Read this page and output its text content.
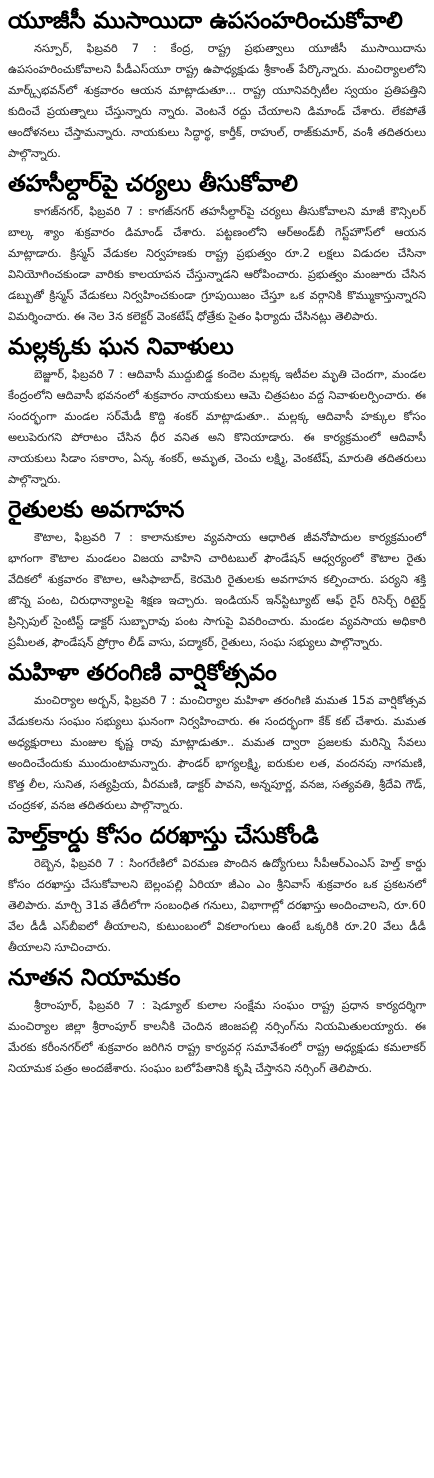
యూజీసీ ముసాయిదా ఉపసంహరించుకోవాలి

నస్పూర్, ఫిబ్రవరి 7 : కేంద్ర, రాష్ట్ర ప్రభుత్వాలు యూజీసీ ముసాయిదాను ఉపసంహరించుకోవాలని పీడీఎస్‌యూ రాష్ట్ర ఉపాధ్యక్షుడు శ్రీకాంత్ పేర్కొన్నారు. మంచిర్యాలలోని మార్క్స్‌భవన్‌లో శుక్రవారం ఆయన మాట్లాడుతూ... రాష్ట్ర యూనివర్సిటీల స్వయం ప్రతిపత్తిని కుదించే ప్రయత్నాలు చేస్తున్నారు న్నారు. వెంటనే రద్దు చేయాలని డిమాండ్ చేశారు. లేకపోతే ఆందోళనలు చేస్తామన్నారు. నాయకులు సిద్ధార్థ, కార్తీక్, రాహుల్, రాజ్‌కుమార్, వంశీ తదితరులు పాల్గొన్నారు.

తహసీల్దార్‌పై చర్యలు తీసుకోవాలి

కాగజ్‌నగర్, ఫిబ్రవరి 7 : కాగజ్‌నగర్ తహసీల్దార్‌పై చర్యలు తీసుకోవాలని మాజీ కౌన్సిలర్ బాల్క శ్యాం శుక్రవారం డిమాండ్ చేశారు. పట్టణంలోని ఆర్అండ్‌బీ గెస్ట్‌హౌస్‌లో ఆయన మాట్లాడారు. క్రిస్మస్ వేడుకల నిర్వహణకు రాష్ట్ర ప్రభుత్వం రూ.2 లక్షలు విడుదల చేసినా వినియోగించకుండా వారికు కాలయాపన చేస్తున్నాడని ఆరోపించారు. ప్రభుత్వం మంజూరు చేసిన డబ్బుతో క్రిస్మస్ వేడుకలు నిర్వహించకుండా గ్రూపుయిజం చేస్తూ ఒక వర్గానికి కొమ్ముకాస్తున్నారని విమర్శించారు. ఈ నెల 3న కలెక్టర్ వెంకటేష్ ధోత్రేకు సైతం ఫిర్యాదు చేసినట్లు తెలిపారు.

మల్లక్కకు ఘన నివాళులు

బెజ్జూర్, ఫిబ్రవరి 7 : ఆదివాసీ ముద్దుబిడ్డ కందెల మల్లక్క ఇటీవల మృతి చెందగా, మండల కేంద్రంలోని ఆదివాసీ భవనంలో శుక్రవారం నాయకులు ఆమె చిత్రపటం వద్ద నివాళులర్పించారు. ఈ సందర్భంగా మండల సర్‌మేడీ కొద్ది శంకర్ మాట్లాడుతూ.. మల్లక్క ఆదివాసీ హక్కుల కోసం అలుపెరుగని పోరాటం చేసిన ధీర వనిత అని కొనియాడారు. ఈ కార్యక్రమంలో ఆదివాసీ నాయకులు సిడాం సకారాం, ఏన్క శంకర్, అమృత, చెంచు లక్ష్మి, వెంకటేష్, మారుతి తదితరులు పాల్గొన్నారు.

రైతులకు అవగాహన

కౌటాల, ఫిబ్రవరి 7 : కాలానుకూల వ్యవసాయ ఆధారిత జీవనోపాదుల కార్యక్రమంలో భాగంగా కౌటాల మండలం విజయ వాహిని చారిటబుల్ ఫౌండేషన్ ఆధ్వర్యంలో కౌటాల రైతు వేదికలో శుక్రవారం కౌటాల, ఆసిఫాబాద్, కెరమెరి రైతులకు అవగాహన కల్పించారు. పర్యని శక్తి జొన్న పంట, చిరుధాన్యాలపై శిక్షణ ఇచ్చారు. ఇండియన్ ఇన్‌స్టిట్యూట్ ఆఫ్ రైస్ రిసెర్చ్ రిటైర్డ్ ప్రిన్సిపుల్ సైంటిస్ట్ డాక్టర్ సుబ్బారావు పంట సాగుపై వివరించారు. మండల వ్యవసాయ అధికారి ప్రమీలత, ఫౌండేషన్ ప్రోగ్రాం లీడ్ వాసు, పద్మాకర్, రైతులు, సంఘ సభ్యులు పాల్గొన్నారు.

మహిళా తరంగిణి వార్షికోత్సవం

మంచిర్యాల అర్బన్, ఫిబ్రవరి 7 : మంచిర్యాల మహిళా తరంగిణి మమత 15వ వార్షికోత్సవ వేడుకలను సంఘం సభ్యులు ఘనంగా నిర్వహించారు. ఈ సందర్భంగా కేక్ కట్ చేశారు. మమత అధ్యక్షురాలు మంజుల కృష్ణ రావు మాట్లాడుతూ.. మమత ద్వారా ప్రజలకు మరిన్ని సేవలు అందించేందుకు ముందుంటామన్నారు. ఫౌండర్ భాగ్యలక్ష్మి, ఐరుకుల లత, వందనపు నాగమణి, కొత్త లీల, సునిత, సత్యప్రియ, వీరమణి, డాక్టర్ పావని, అన్నపూర్ణ, వనజ, సత్యవతి, శ్రీదేవి గౌడ్, చంద్రకళ, వనజ తదితరులు పాల్గొన్నారు.

హెల్త్‌కార్డు కోసం దరఖాస్తు చేసుకోండి

రెబ్బెన, ఫిబ్రవరి 7 : సింగరేణిలో విరమణ పొందిన ఉద్యోగులు సీపీఆర్ఎంఎస్ హెల్త్ కార్డు కోసం దరఖాస్తు చేసుకోవాలని బెల్లంపల్లి ఏరియా జీఎం ఎం శ్రీనివాస్ శుక్రవారం ఒక ప్రకటనలో తెలిపారు. మార్చి 31వ తేదీలోగా సంబంధిత గనులు, విభాగాల్లో దరఖాస్తు అందించాలని, రూ.60 వేల డీడీ ఎస్‌బీఐలో తీయాలని, కుటుంబంలో వికలాంగులు ఉంటే ఒక్కరికి రూ.20 వేలు డీడీ తీయాలని సూచించారు.

నూతన నియామకం

శ్రీరాంపూర్, ఫిబ్రవరి 7 : షెడ్యూల్ కులాల సంక్షేమ సంఘం రాష్ట్ర ప్రధాన కార్యదర్శిగా మంచిర్యాల జిల్లా శ్రీరాంపూర్ కాలనీకి చెందిన జింజపల్లి నర్సింగ్‌ను నియమితులయ్యారు. ఈ మేరకు కరీంనగర్‌లో శుక్రవారం జరిగిన రాష్ట్ర కార్యవర్గ సమావేశంలో రాష్ట్ర అధ్యక్షుడు కమలాకర్ నియామక పత్రం అందజేశారు. సంఘం బలోపేతానికి కృషి చేస్తానని నర్సింగ్ తెలిపారు.
